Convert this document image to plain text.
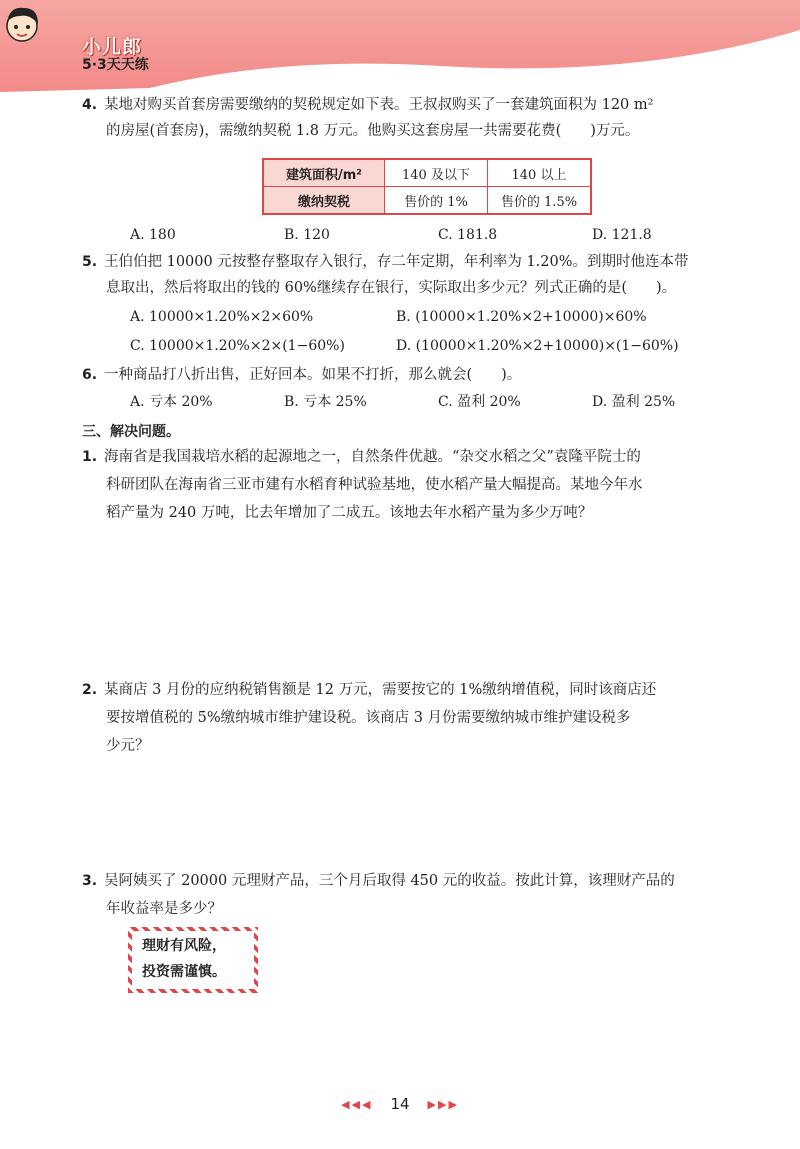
小儿郎
5·3天天练
4. 某地对购买首套房需要缴纳的契税规定如下表。王叔叔购买了一套建筑面积为 120 m²
的房屋(首套房)，需缴纳契税 1.8 万元。他购买这套房屋一共需要花费(　　)万元。
建筑面积/m²	140 及以下	140 以上
缴纳契税	售价的 1%	售价的 1.5%
A. 180	B. 120	C. 181.8	D. 121.8
5. 王伯伯把 10000 元按整存整取存入银行，存二年定期，年利率为 1.20%。到期时他连本带
息取出，然后将取出的钱的 60%继续存在银行，实际取出多少元？列式正确的是(　　)。
A. 10000×1.20%×2×60%	B. (10000×1.20%×2+10000)×60%
C. 10000×1.20%×2×(1−60%)	D. (10000×1.20%×2+10000)×(1−60%)
6. 一种商品打八折出售，正好回本。如果不打折，那么就会(　　)。
A. 亏本 20%	B. 亏本 25%	C. 盈利 20%	D. 盈利 25%
三、解决问题。
1. 海南省是我国栽培水稻的起源地之一，自然条件优越。“杂交水稻之父”袁隆平院士的
科研团队在海南省三亚市建有水稻育种试验基地，使水稻产量大幅提高。某地今年水
稻产量为 240 万吨，比去年增加了二成五。该地去年水稻产量为多少万吨？
2. 某商店 3 月份的应纳税销售额是 12 万元，需要按它的 1%缴纳增值税，同时该商店还
要按增值税的 5%缴纳城市维护建设税。该商店 3 月份需要缴纳城市维护建设税多
少元？
3. 吴阿姨买了 20000 元理财产品，三个月后取得 450 元的收益。按此计算，该理财产品的
年收益率是多少？
理财有风险，
投资需谨慎。
◀◀◀ 14 ▶▶▶
